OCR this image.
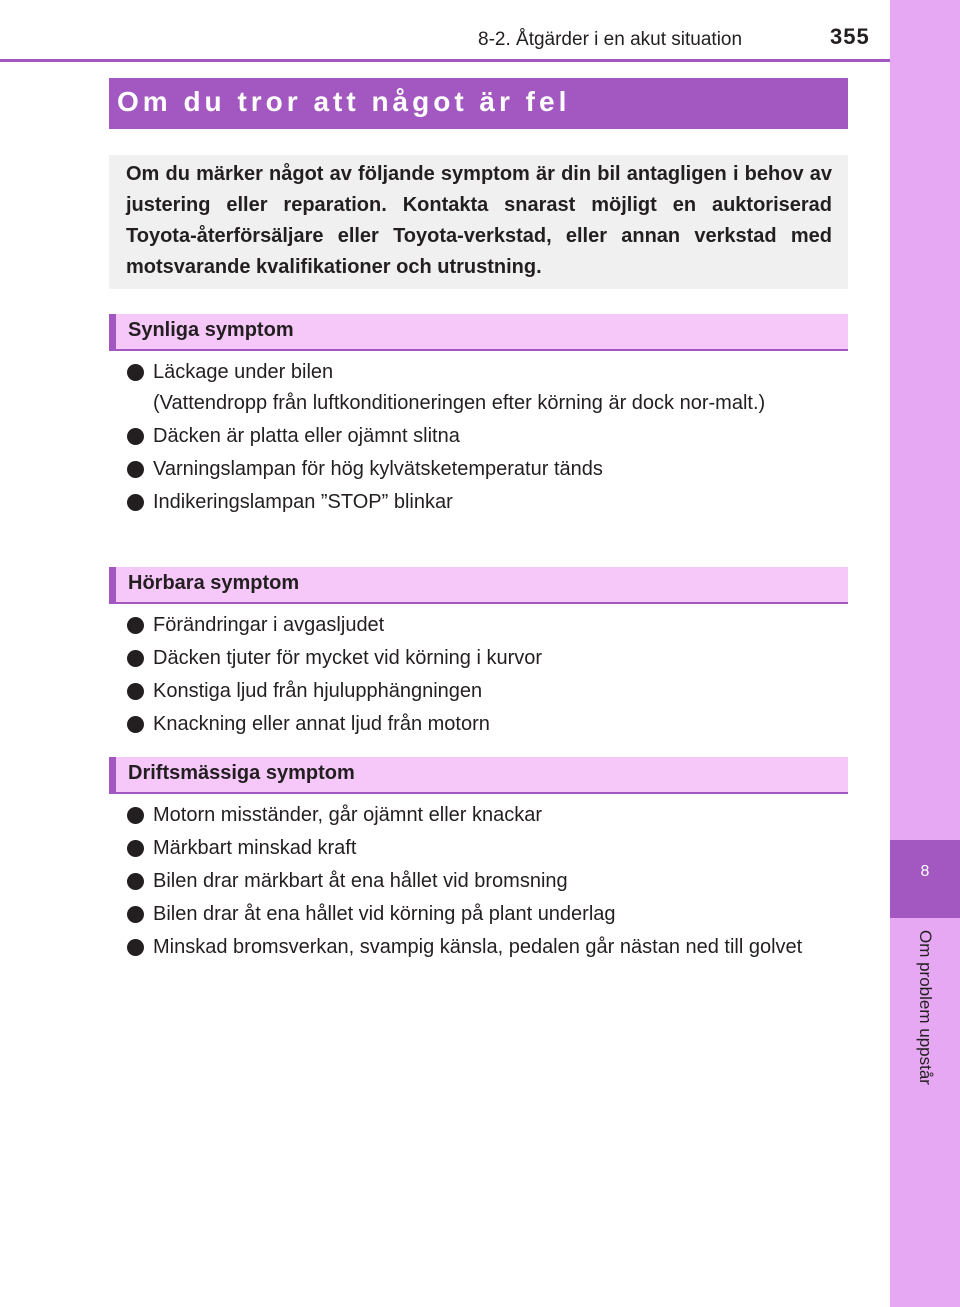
8-2. Åtgärder i en akut situation	355
8
Om problem uppstår
Om du tror att något är fel

Om du märker något av följande symptom är din bil antagligen i behov av justering eller reparation. Kontakta snarast möjligt en auktoriserad Toyota-återförsäljare eller Toyota-verkstad, eller annan verkstad med motsvarande kvalifikationer och utrustning.

Synliga symptom
Läckage under bilen
(Vattendropp från luftkonditioneringen efter körning är dock nor-malt.)
Däcken är platta eller ojämnt slitna
Varningslampan för hög kylvätsketemperatur tänds
Indikeringslampan ”STOP” blinkar
Hörbara symptom
Förändringar i avgasljudet
Däcken tjuter för mycket vid körning i kurvor
Konstiga ljud från hjulupphängningen
Knackning eller annat ljud från motorn
Driftsmässiga symptom
Motorn misständer, går ojämnt eller knackar
Märkbart minskad kraft
Bilen drar märkbart åt ena hållet vid bromsning
Bilen drar åt ena hållet vid körning på plant underlag
Minskad bromsverkan, svampig känsla, pedalen går nästan ned till golvet
